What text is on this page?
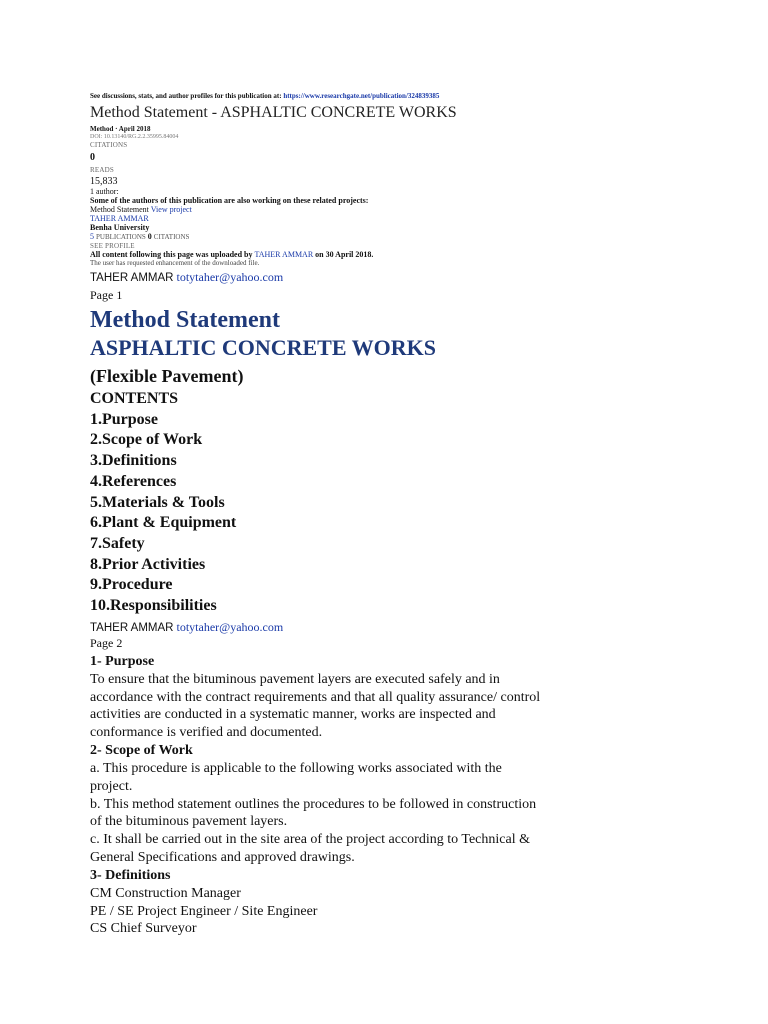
See discussions, stats, and author profiles for this publication at: https://www.researchgate.net/publication/324839385
Method Statement - ASPHALTIC CONCRETE WORKS
Method · April 2018
DOI: 10.13140/RG.2.2.35995.84004
CITATIONS
0
READS
15,833
1 author:
Some of the authors of this publication are also working on these related projects:
Method Statement View project
TAHER AMMAR
Benha University
5 PUBLICATIONS 0 CITATIONS
SEE PROFILE
All content following this page was uploaded by TAHER AMMAR on 30 April 2018.
The user has requested enhancement of the downloaded file.
TAHER AMMAR totytaher@yahoo.com
Page 1
Method Statement
ASPHALTIC CONCRETE WORKS
(Flexible Pavement)
CONTENTS
1.Purpose
2.Scope of Work
3.Definitions
4.References
5.Materials & Tools
6.Plant & Equipment
7.Safety
8.Prior Activities
9.Procedure
10.Responsibilities
TAHER AMMAR totytaher@yahoo.com
Page 2
1- Purpose
To ensure that the bituminous pavement layers are executed safely and in
accordance with the contract requirements and that all quality assurance/ control
activities are conducted in a systematic manner, works are inspected and
conformance is verified and documented.
2- Scope of Work
a. This procedure is applicable to the following works associated with the
project.
b. This method statement outlines the procedures to be followed in construction
of the bituminous pavement layers.
c. It shall be carried out in the site area of the project according to Technical &
General Specifications and approved drawings.
3- Definitions
CM Construction Manager
PE / SE Project Engineer / Site Engineer
CS Chief Surveyor
